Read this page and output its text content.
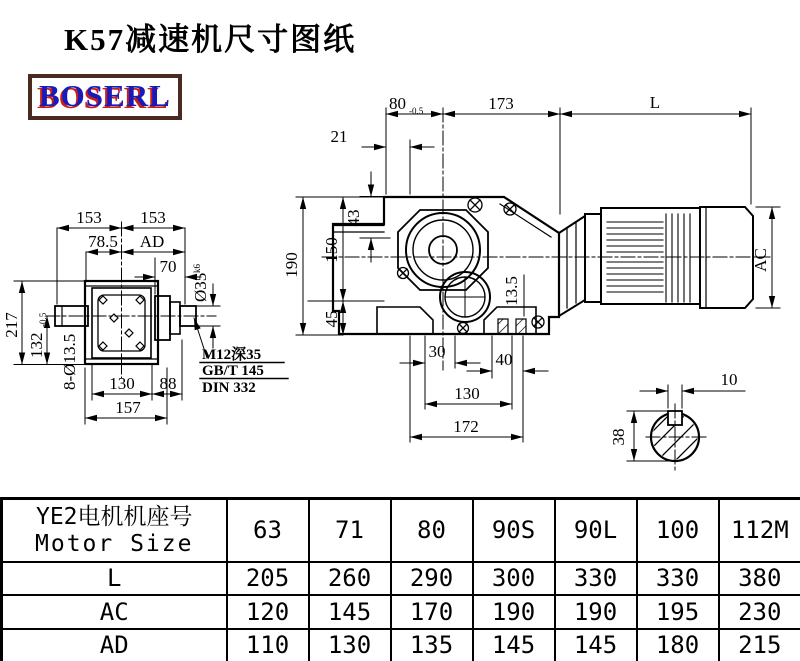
K57减速机尺寸图纸
BOSERL	80 -0.5	173	L
21
43
190
150
45
30	40
130
172
13.5
AC
153 153
78.5 AD
70
Ø35
k6
217
132
-0.5
8-Ø13.5 130 88
157
M12深35
GB/T 145
DIN 332	10
38
YE2电机机座号
Motor Size	63	71	80	90S	90L	100	112M
L	205	260	290	300	330	330	380
AC	120	145	170	190	190	195	230
AD	110	130	135	145	145	180	215
